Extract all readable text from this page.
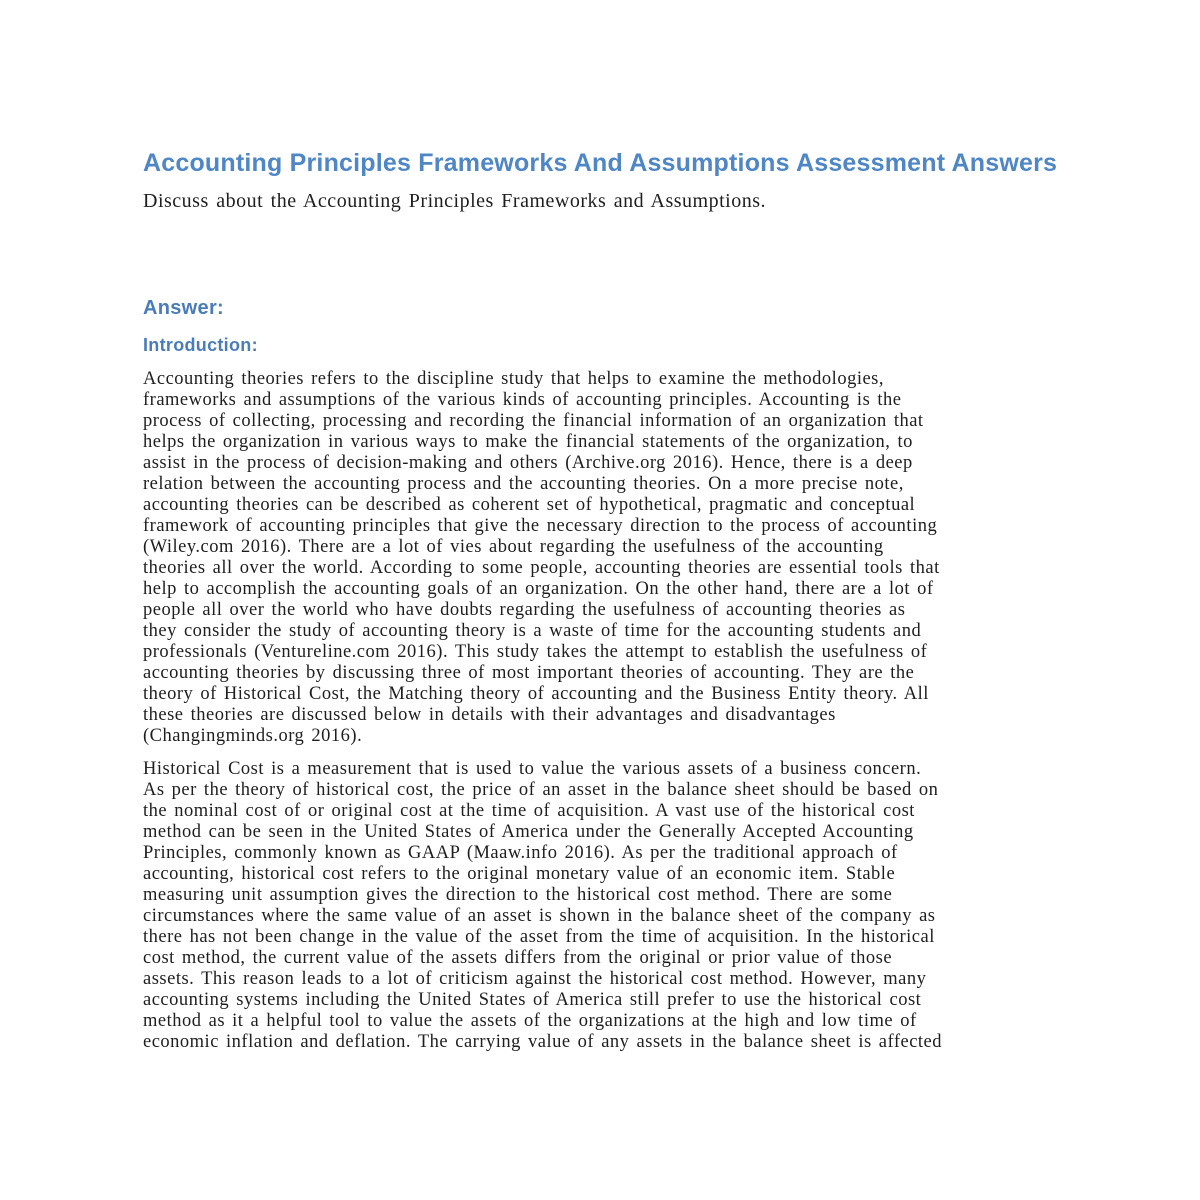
Accounting Principles Frameworks And Assumptions Assessment Answers

Discuss about the Accounting Principles Frameworks and Assumptions.

Answer:
Introduction:
Accounting theories refers to the discipline study that helps to examine the methodologies,
frameworks and assumptions of the various kinds of accounting principles. Accounting is the
process of collecting, processing and recording the financial information of an organization that
helps the organization in various ways to make the financial statements of the organization, to
assist in the process of decision-making and others (Archive.org 2016). Hence, there is a deep
relation between the accounting process and the accounting theories. On a more precise note,
accounting theories can be described as coherent set of hypothetical, pragmatic and conceptual
framework of accounting principles that give the necessary direction to the process of accounting
(Wiley.com 2016). There are a lot of vies about regarding the usefulness of the accounting
theories all over the world. According to some people, accounting theories are essential tools that
help to accomplish the accounting goals of an organization. On the other hand, there are a lot of
people all over the world who have doubts regarding the usefulness of accounting theories as
they consider the study of accounting theory is a waste of time for the accounting students and
professionals (Ventureline.com 2016). This study takes the attempt to establish the usefulness of
accounting theories by discussing three of most important theories of accounting. They are the
theory of Historical Cost, the Matching theory of accounting and the Business Entity theory. All
these theories are discussed below in details with their advantages and disadvantages
(Changingminds.org 2016).
Historical Cost is a measurement that is used to value the various assets of a business concern.
As per the theory of historical cost, the price of an asset in the balance sheet should be based on
the nominal cost of or original cost at the time of acquisition. A vast use of the historical cost
method can be seen in the United States of America under the Generally Accepted Accounting
Principles, commonly known as GAAP (Maaw.info 2016). As per the traditional approach of
accounting, historical cost refers to the original monetary value of an economic item. Stable
measuring unit assumption gives the direction to the historical cost method. There are some
circumstances where the same value of an asset is shown in the balance sheet of the company as
there has not been change in the value of the asset from the time of acquisition. In the historical
cost method, the current value of the assets differs from the original or prior value of those
assets. This reason leads to a lot of criticism against the historical cost method. However, many
accounting systems including the United States of America still prefer to use the historical cost
method as it a helpful tool to value the assets of the organizations at the high and low time of
economic inflation and deflation. The carrying value of any assets in the balance sheet is affected
